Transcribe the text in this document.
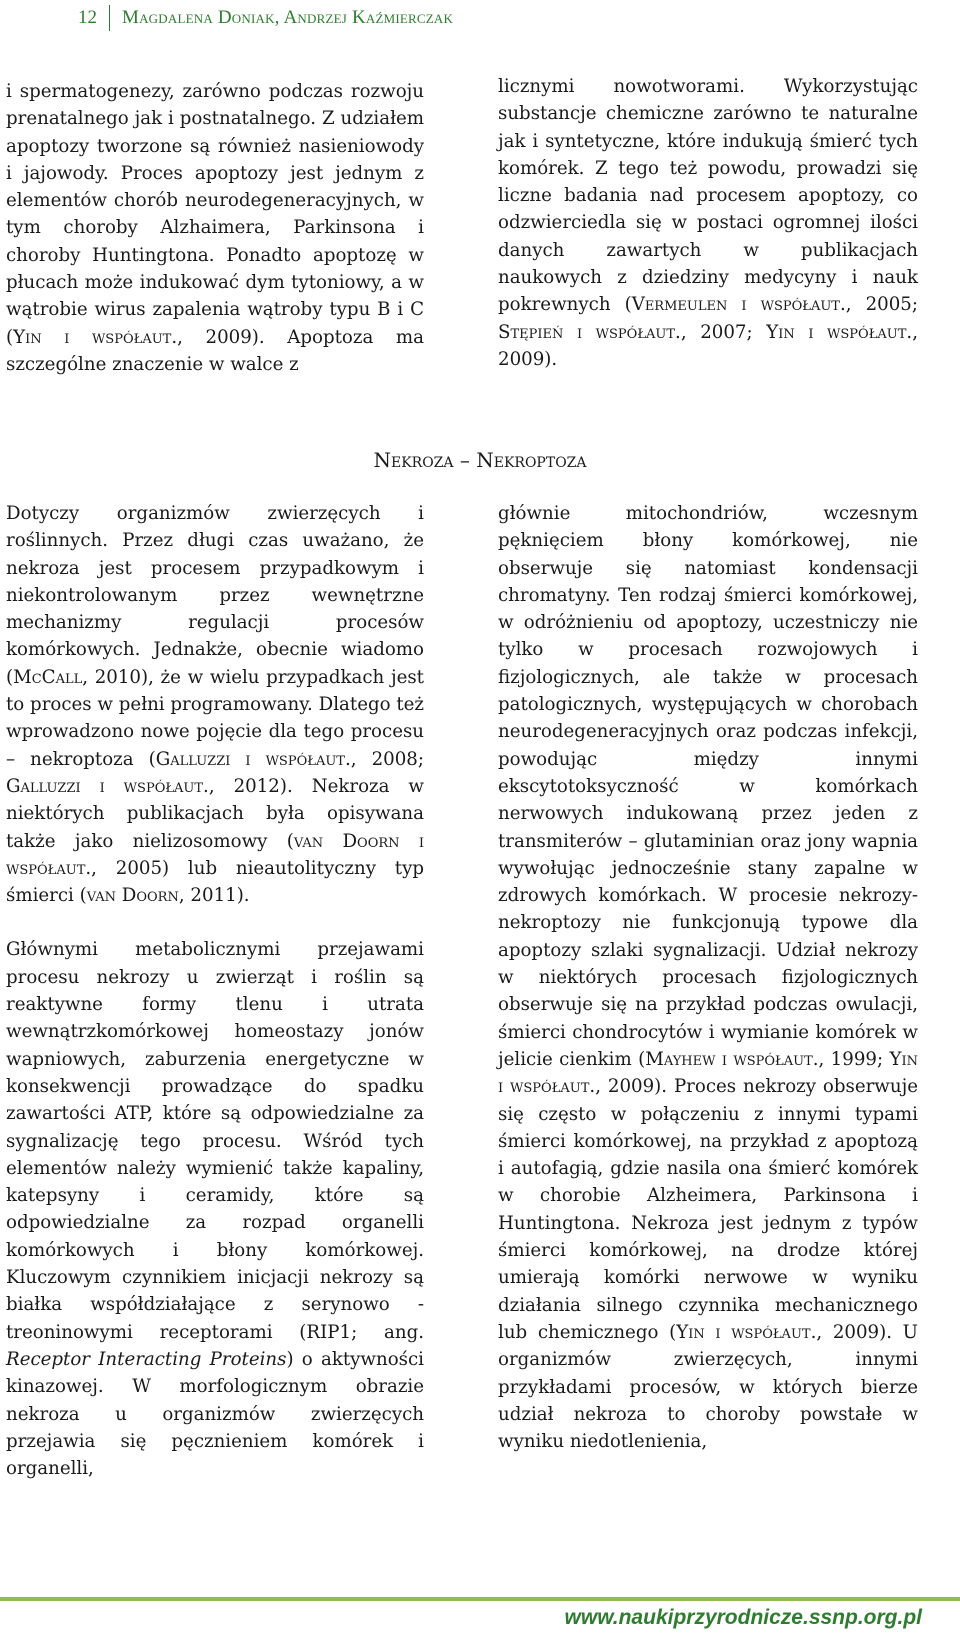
12	Magdalena Doniak, Andrzej Kaźmierczak

i spermatogenezy, zarówno podczas rozwoju prenatalnego jak i postnatalnego. Z udziałem apoptozy tworzone są również nasieniowody i jajowody. Proces apoptozy jest jednym z elementów chorób neurodegeneracyjnych, w tym choroby Alzhaimera, Parkinsona i choroby Huntingtona. Ponadto apoptozę w płucach może indukować dym tytoniowy, a w wątrobie wirus zapalenia wątroby typu B i C (Yin i współaut., 2009). Apoptoza ma szczególne znaczenie w walce z

licznymi nowotworami. Wykorzystując substancje chemiczne zarówno te naturalne jak i syntetyczne, które indukują śmierć tych komórek. Z tego też powodu, prowadzi się liczne badania nad procesem apoptozy, co odzwierciedla się w postaci ogromnej ilości danych zawartych w publikacjach naukowych z dziedziny medycyny i nauk pokrewnych (Vermeulen i współaut., 2005; Stępień i współaut., 2007; Yin i współaut., 2009).

Nekroza – Nekroptoza

Dotyczy organizmów zwierzęcych i roślinnych. Przez długi czas uważano, że nekroza jest procesem przypadkowym i niekontrolowanym przez wewnętrzne mechanizmy regulacji procesów komórkowych. Jednakże, obecnie wiadomo (McCall, 2010), że w wielu przypadkach jest to proces w pełni programowany. Dlatego też wprowadzono nowe pojęcie dla tego procesu – nekroptoza (Galluzzi i współaut., 2008; Galluzzi i współaut., 2012). Nekroza w niektórych publikacjach była opisywana także jako nielizosomowy (van Doorn i współaut., 2005) lub nieautolityczny typ śmierci (van Doorn, 2011).

Głównymi metabolicznymi przejawami procesu nekrozy u zwierząt i roślin są reaktywne formy tlenu i utrata wewnątrzkomórkowej homeostazy jonów wapniowych, zaburzenia energetyczne w konsekwencji prowadzące do spadku zawartości ATP, które są odpowiedzialne za sygnalizację tego procesu. Wśród tych elementów należy wymienić także kapaliny, katepsyny i ceramidy, które są odpowiedzialne za rozpad organelli komórkowych i błony komórkowej. Kluczowym czynnikiem inicjacji nekrozy są białka współdziałające z serynowo - treoninowymi receptorami (RIP1; ang. Receptor Interacting Proteins) o aktywności kinazowej. W morfologicznym obrazie nekroza u organizmów zwierzęcych przejawia się pęcznieniem komórek i organelli,

głównie mitochondriów, wczesnym pęknięciem błony komórkowej, nie obserwuje się natomiast kondensacji chromatyny. Ten rodzaj śmierci komórkowej, w odróżnieniu od apoptozy, uczestniczy nie tylko w procesach rozwojowych i fizjologicznych, ale także w procesach patologicznych, występujących w chorobach neurodegeneracyjnych oraz podczas infekcji, powodując między innymi ekscytotoksyczność w komórkach nerwowych indukowaną przez jeden z transmiterów – glutaminian oraz jony wapnia wywołując jednocześnie stany zapalne w zdrowych komórkach. W procesie nekrozy-nekroptozy nie funkcjonują typowe dla apoptozy szlaki sygnalizacji. Udział nekrozy w niektórych procesach fizjologicznych obserwuje się na przykład podczas owulacji, śmierci chondrocytów i wymianie komórek w jelicie cienkim (Mayhew i współaut., 1999; Yin i współaut., 2009). Proces nekrozy obserwuje się często w połączeniu z innymi typami śmierci komórkowej, na przykład z apoptozą i autofagią, gdzie nasila ona śmierć komórek w chorobie Alzheimera, Parkinsona i Huntingtona. Nekroza jest jednym z typów śmierci komórkowej, na drodze której umierają komórki nerwowe w wyniku działania silnego czynnika mechanicznego lub chemicznego (Yin i współaut., 2009). U organizmów zwierzęcych, innymi przykładami procesów, w których bierze udział nekroza to choroby powstałe w wyniku niedotlenienia,

www.naukiprzyrodnicze.ssnp.org.pl
